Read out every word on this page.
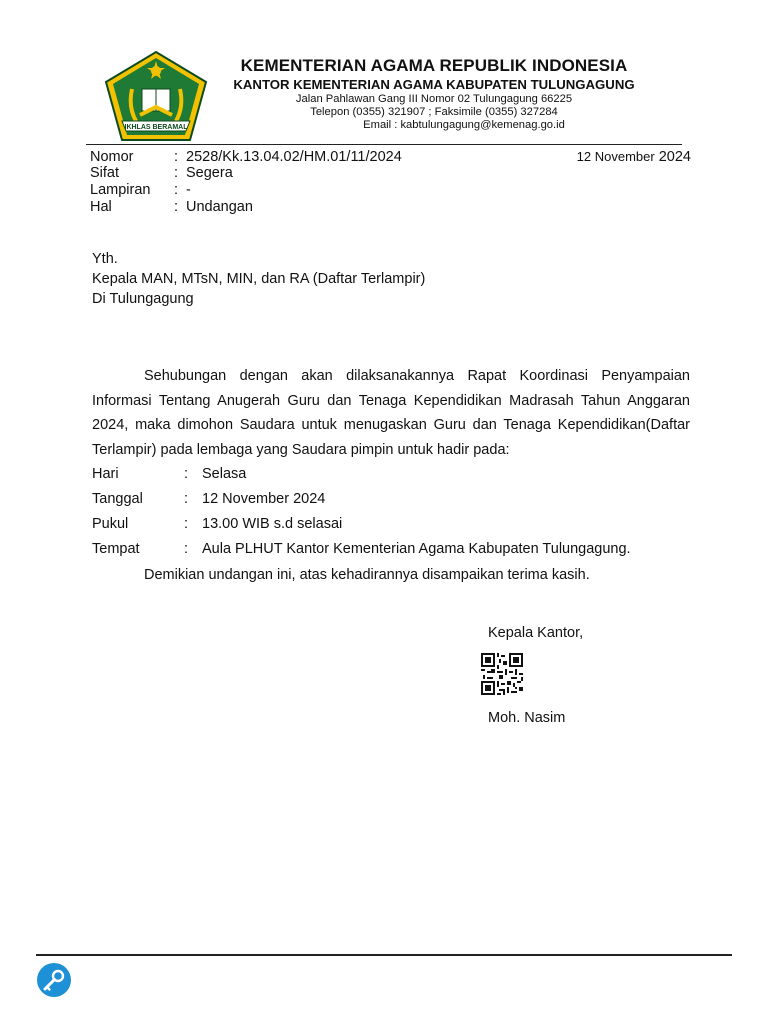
IKHLAS BERAMAL
KEMENTERIAN AGAMA REPUBLIK INDONESIA
KANTOR KEMENTERIAN AGAMA KABUPATEN TULUNGAGUNG
Jalan Pahlawan Gang III Nomor 02 Tulungagung 66225
Telepon (0355) 321907 ; Faksimile (0355) 327284
Email : kabtulungagung@kemenag.go.id
Nomor	: 2528/Kk.13.04.02/HM.01/11/2024
Sifat	: Segera
Lampiran : -
Hal	: Undangan
12 November 2024
Yth.
Kepala MAN, MTsN, MIN, dan RA (Daftar Terlampir)
Di Tulungagung
Sehubungan dengan akan dilaksanakannya Rapat Koordinasi Penyampaian Informasi Tentang Anugerah Guru dan Tenaga Kependidikan Madrasah Tahun Anggaran 2024, maka dimohon Saudara untuk menugaskan Guru dan Tenaga Kependidikan(Daftar Terlampir) pada lembaga yang Saudara pimpin untuk hadir pada:
Hari	: Selasa
Tanggal	: 12 November 2024
Pukul	: 13.00 WIB s.d selasai
Tempat	: Aula PLHUT Kantor Kementerian Agama Kabupaten Tulungagung.
Demikian undangan ini, atas kehadirannya disampaikan terima kasih.
Kepala Kantor,
Moh. Nasim
